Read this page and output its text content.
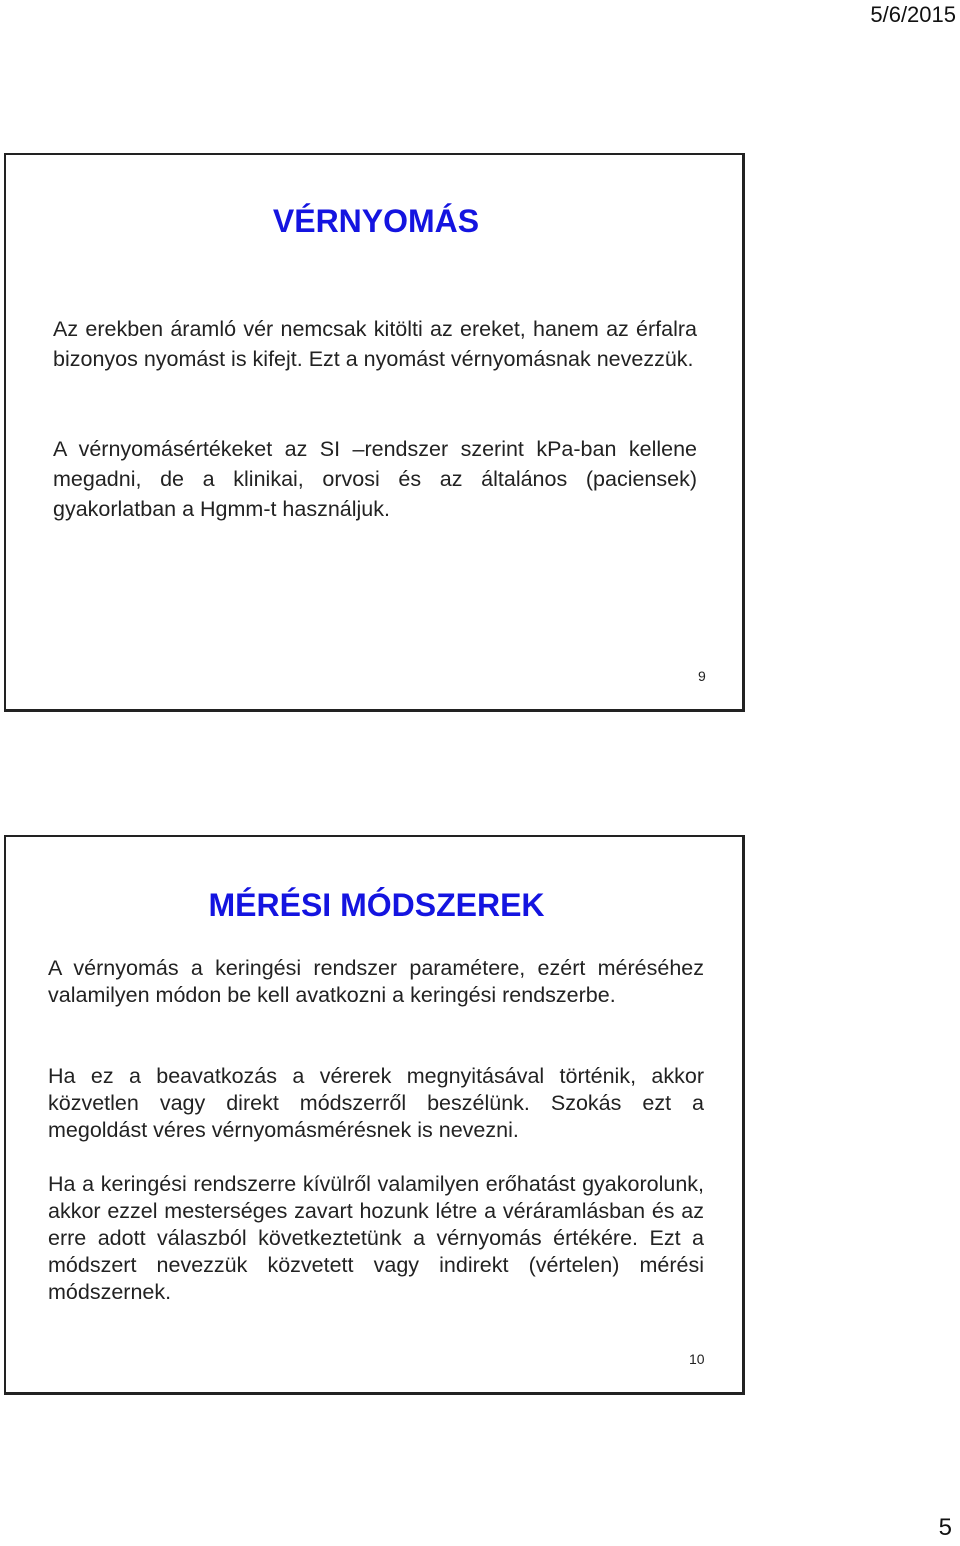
5/6/2015
VÉRNYOMÁS
Az erekben áramló vér nemcsak kitölti az ereket, hanem az érfalra bizonyos nyomást is kifejt. Ezt a nyomást vérnyomásnak nevezzük.
A vérnyomásértékeket az SI –rendszer szerint kPa-ban kellene megadni, de a klinikai, orvosi és az általános (paciensek) gyakorlatban a Hgmm-t használjuk.
9
MÉRÉSI MÓDSZEREK
A vérnyomás a keringési rendszer paramétere, ezért méréséhez valamilyen módon be kell avatkozni a keringési rendszerbe.
Ha ez a beavatkozás a vérerek megnyitásával történik, akkor közvetlen vagy direkt módszerről beszélünk. Szokás ezt a megoldást véres vérnyomásmérésnek is nevezni.
Ha a keringési rendszerre kívülről valamilyen erőhatást gyakorolunk, akkor ezzel mesterséges zavart hozunk létre a véráramlásban és az erre adott válaszból következtetünk a vérnyomás értékére. Ezt a módszert nevezzük közvetett vagy indirekt (vértelen) mérési módszernek.
10
5
